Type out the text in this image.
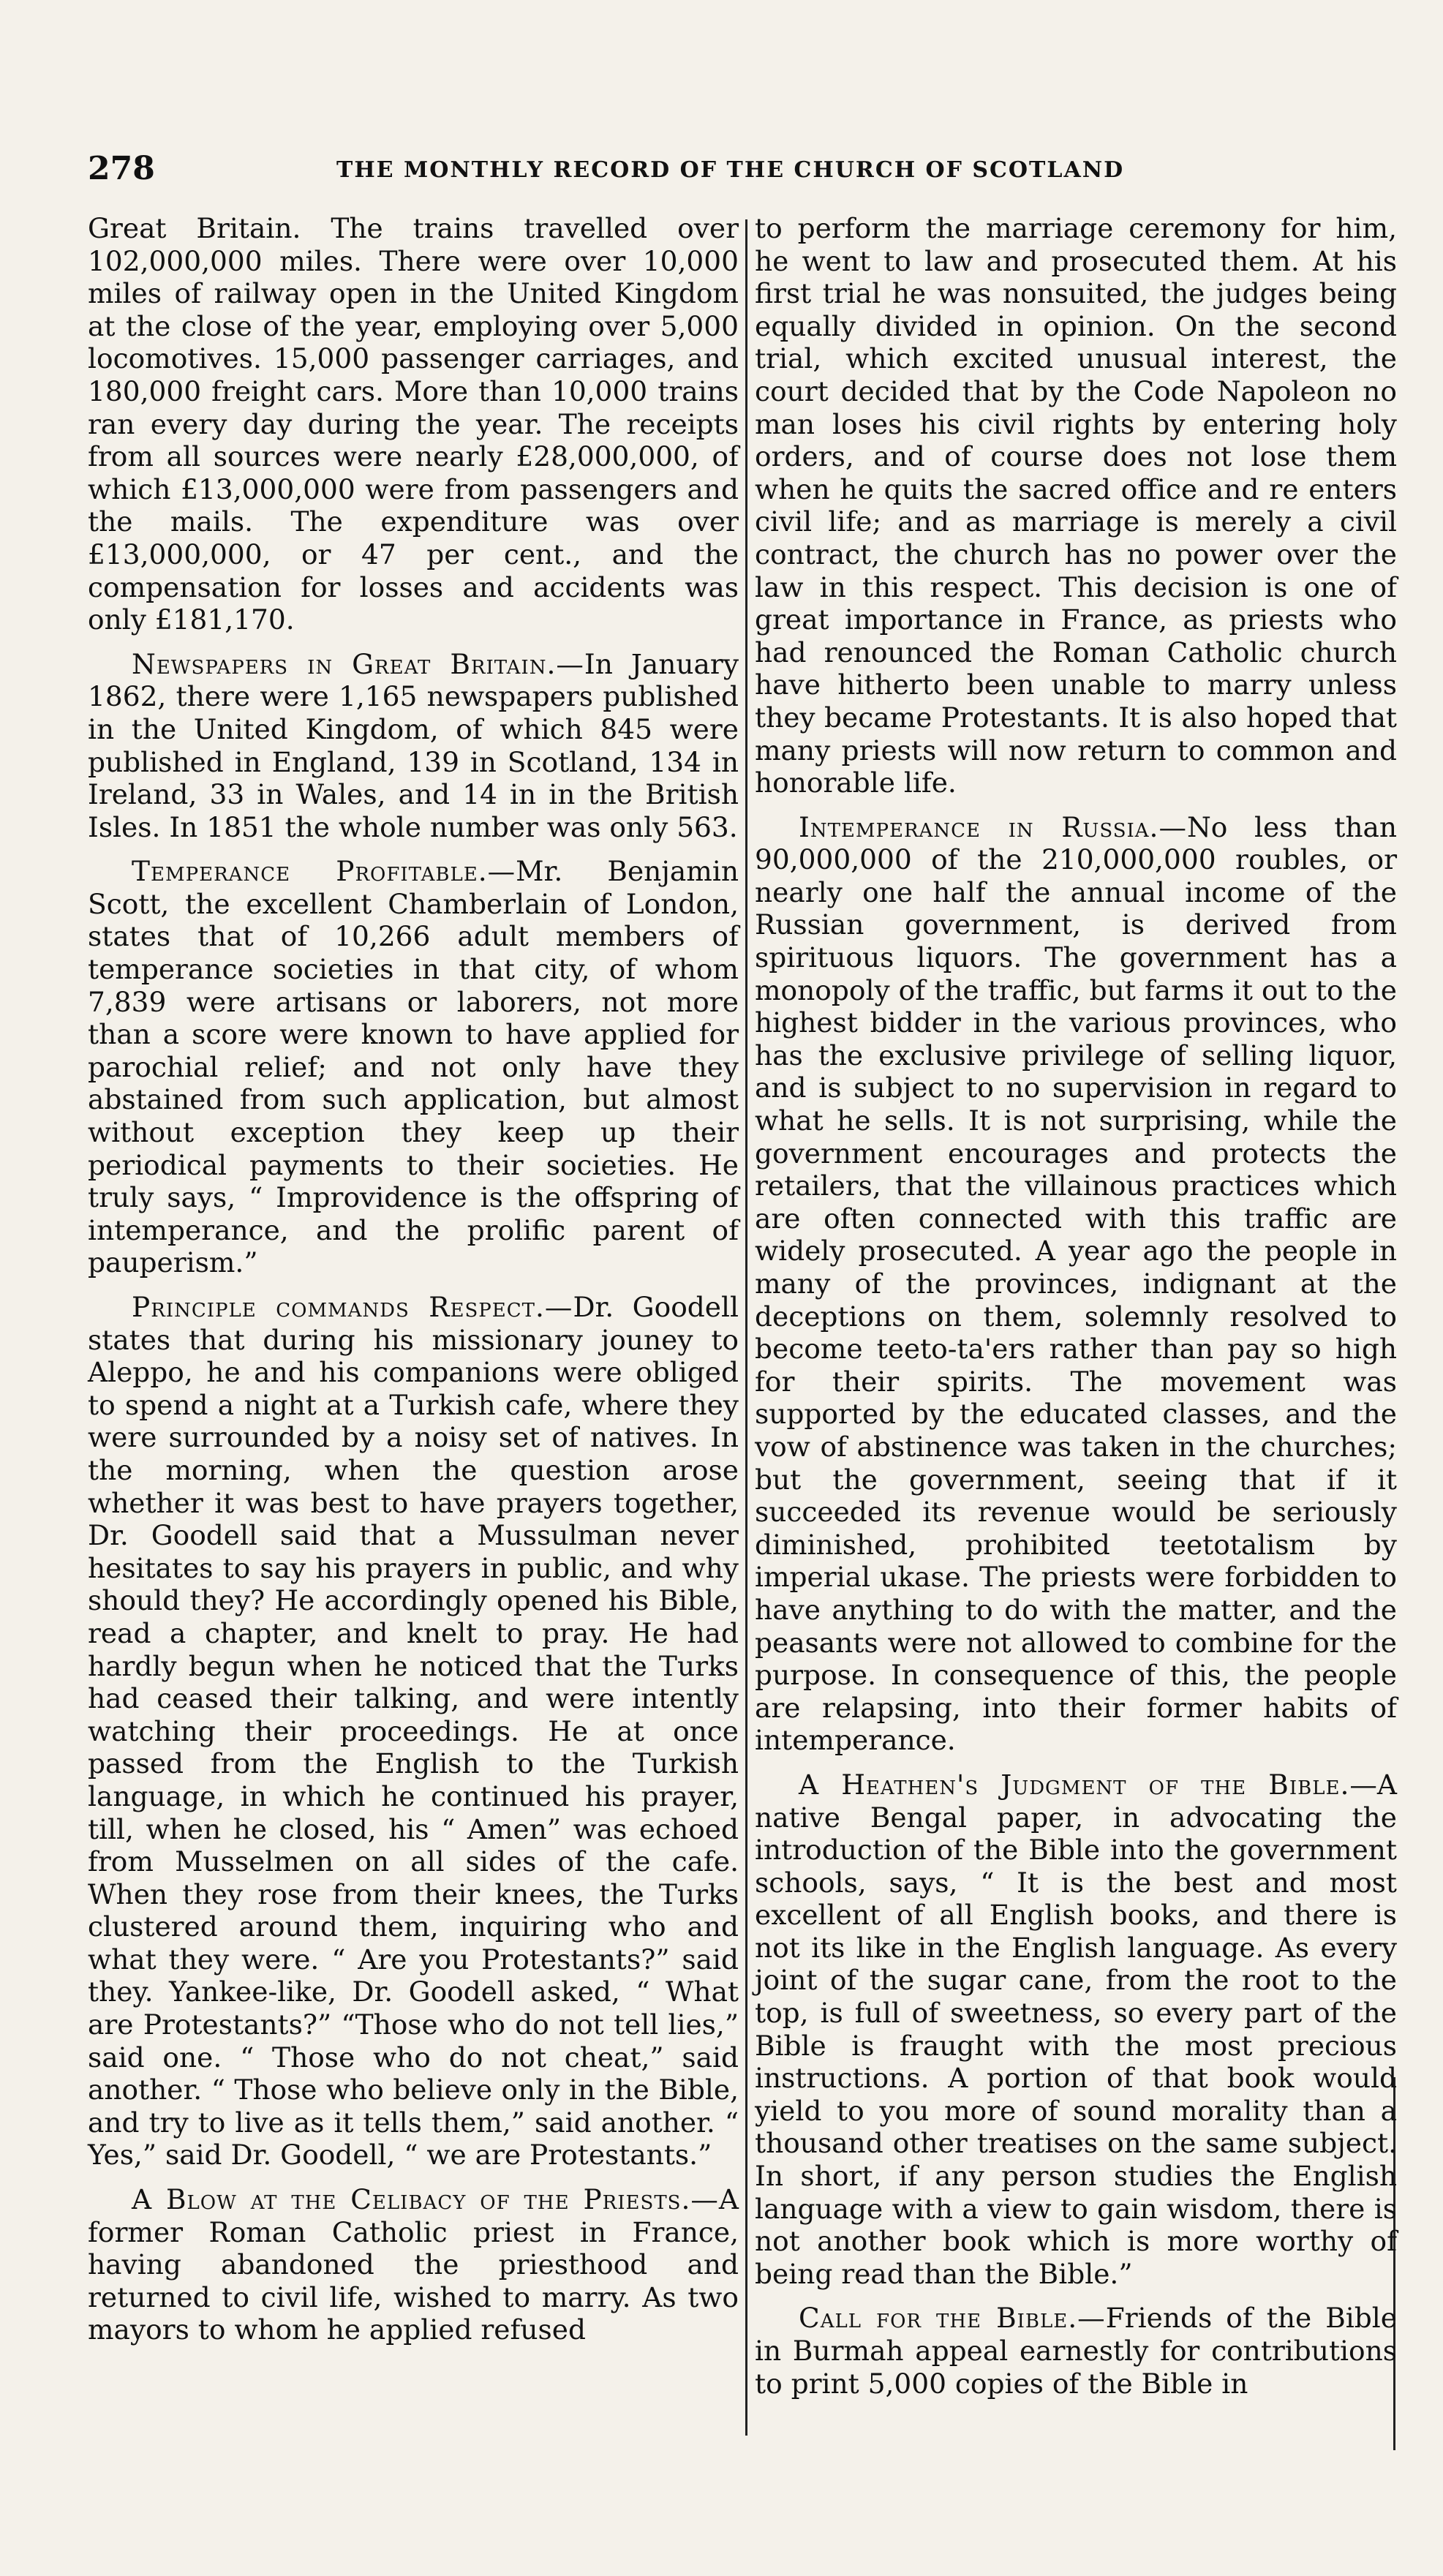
278	THE MONTHLY RECORD OF THE CHURCH OF SCOTLAND

Great Britain. The trains travelled over 102,000,000 miles. There were over 10,000 miles of railway open in the United Kingdom at the close of the year, employing over 5,000 locomotives. 15,000 passenger carriages, and 180,000 freight cars. More than 10,000 trains ran every day during the year. The receipts from all sources were nearly £28,000,000, of which £13,000,000 were from passengers and the mails. The expenditure was over £13,000,000, or 47 per cent., and the compensation for losses and accidents was only £181,170.

Newspapers in Great Britain.—In January 1862, there were 1,165 newspapers published in the United Kingdom, of which 845 were published in England, 139 in Scotland, 134 in Ireland, 33 in Wales, and 14 in in the British Isles. In 1851 the whole number was only 563.

Temperance Profitable.—Mr. Benjamin Scott, the excellent Chamberlain of London, states that of 10,266 adult members of temperance societies in that city, of whom 7,839 were artisans or laborers, not more than a score were known to have applied for parochial relief; and not only have they abstained from such application, but almost without exception they keep up their periodical payments to their societies. He truly says, “ Improvidence is the offspring of intemperance, and the prolific parent of pauperism.”

Principle commands Respect.—Dr. Goodell states that during his missionary jouney to Aleppo, he and his companions were obliged to spend a night at a Turkish cafe, where they were surrounded by a noisy set of natives. In the morning, when the question arose whether it was best to have prayers together, Dr. Goodell said that a Mussulman never hesitates to say his prayers in public, and why should they? He accordingly opened his Bible, read a chapter, and knelt to pray. He had hardly begun when he noticed that the Turks had ceased their talking, and were intently watching their proceedings. He at once passed from the English to the Turkish language, in which he continued his prayer, till, when he closed, his “ Amen” was echoed from Musselmen on all sides of the cafe. When they rose from their knees, the Turks clustered around them, inquiring who and what they were. “ Are you Protestants?” said they. Yankee-like, Dr. Goodell asked, “ What are Protestants?” “Those who do not tell lies,” said one. “ Those who do not cheat,” said another. “ Those who believe only in the Bible, and try to live as it tells them,” said another. “ Yes,” said Dr. Goodell, “ we are Protestants.”

A Blow at the Celibacy of the Priests.—A former Roman Catholic priest in France, having abandoned the priesthood and returned to civil life, wished to marry. As two mayors to whom he applied refused

to perform the marriage ceremony for him, he went to law and prosecuted them. At his first trial he was nonsuited, the judges being equally divided in opinion. On the second trial, which excited unusual interest, the court decided that by the Code Napoleon no man loses his civil rights by entering holy orders, and of course does not lose them when he quits the sacred office and re enters civil life; and as marriage is merely a civil contract, the church has no power over the law in this respect. This decision is one of great importance in France, as priests who had renounced the Roman Catholic church have hitherto been unable to marry unless they became Protestants. It is also hoped that many priests will now return to common and honorable life.

Intemperance in Russia.—No less than 90,000,000 of the 210,000,000 roubles, or nearly one half the annual income of the Russian government, is derived from spirituous liquors. The government has a monopoly of the traffic, but farms it out to the highest bidder in the various provinces, who has the exclusive privilege of selling liquor, and is subject to no supervision in regard to what he sells. It is not surprising, while the government encourages and protects the retailers, that the villainous practices which are often connected with this traffic are widely prosecuted. A year ago the people in many of the provinces, indignant at the deceptions on them, solemnly resolved to become teeto-ta'ers rather than pay so high for their spirits. The movement was supported by the educated classes, and the vow of abstinence was taken in the churches; but the government, seeing that if it succeeded its revenue would be seriously diminished, prohibited teetotalism by imperial ukase. The priests were forbidden to have anything to do with the matter, and the peasants were not allowed to combine for the purpose. In consequence of this, the people are relapsing, into their former habits of intemperance.

A Heathen's Judgment of the Bible.—A native Bengal paper, in advocating the introduction of the Bible into the government schools, says, “ It is the best and most excellent of all English books, and there is not its like in the English language. As every joint of the sugar cane, from the root to the top, is full of sweetness, so every part of the Bible is fraught with the most precious instructions. A portion of that book would yield to you more of sound morality than a thousand other treatises on the same subject. In short, if any person studies the English language with a view to gain wisdom, there is not another book which is more worthy of being read than the Bible.”

Call for the Bible.—Friends of the Bible in Burmah appeal earnestly for contributions to print 5,000 copies of the Bible in
